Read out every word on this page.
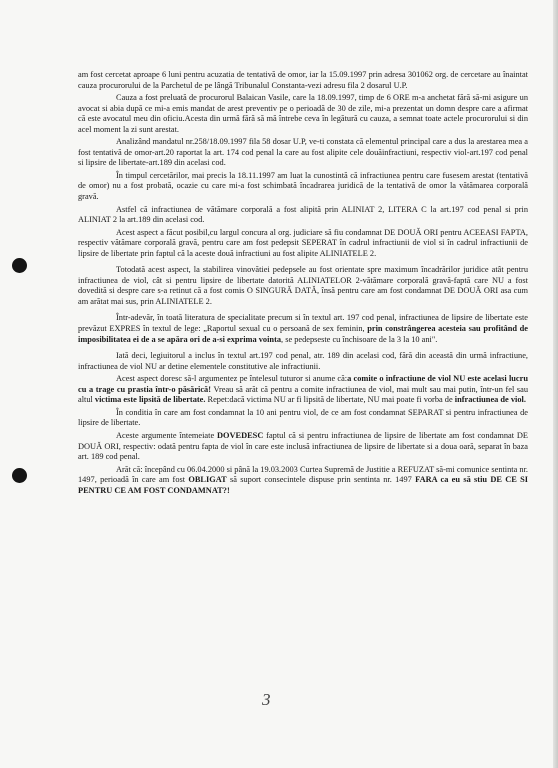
am fost cercetat aproape 6 luni pentru acuzatia de tentativă de omor, iar la 15.09.1997 prin adresa 301062 org. de cercetare au înaintat cauza procurorului de la Parchetul de pe lângă Tribunalul Constanta-vezi adresu fila 2 dosarul U.P.

Cauza a fost preluată de procurorul Balaican Vasile, care la 18.09.1997, timp de 6 ORE m-a anchetat fără să-mi asigure un avocat si abia după ce mi-a emis mandat de arest preventiv pe o perioadă de 30 de zile, mi-a prezentat un domn despre care a afirmat că este avocatul meu din oficiu.Acesta din urmă fără să mă întrebe ceva în legătură cu cauza, a semnat toate actele procurorului si din acel moment la zi sunt arestat.

Analizând mandatul nr.258/18.09.1997 fila 58 dosar U.P, ve-ti constata că elementul principal care a dus la arestarea mea a fost tentativă de omor-art.20 raportat la art. 174 cod penal la care au fost alipite cele douăinfractiuni, respectiv viol-art.197 cod penal si lipsire de libertate-art.189 din acelasi cod.

În timpul cercetărilor, mai precis la 18.11.1997 am luat la cunostintă că infractiunea pentru care fusesem arestat (tentativă de omor) nu a fost probată, ocazie cu care mi-a fost schimbată încadrarea juridică de la tentativă de omor la vătămarea corporală gravă.

Astfel că infractiunea de vătămare corporală a fost alipită prin ALINIAT 2, LITERA C la art.197 cod penal si prin ALINIAT 2 la art.189 din acelasi cod.

Acest aspect a făcut posibil,cu largul concura al org. judiciare să fiu condamnat DE DOUĂ ORI pentru ACEEASI FAPTA, respectiv vătămare corporală gravă, pentru care am fost pedepsit SEPERAT în cadrul infractiunii de viol si în cadrul infractiunii de lipsire de libertate prin faptul că la aceste două infractiuni au fost alipite ALINIATELE 2.

Totodată acest aspect, la stabilirea vinovătiei pedepsele au fost orientate spre maximum încadrărilor juridice atât pentru infractiunea de viol, cât si pentru lipsire de libertate datorită ALINIATELOR 2-vătămare corporală gravă-faptă care NU a fost dovedită si despre care s-a retinut că a fost comis O SINGURĂ DATĂ, însă pentru care am fost condamnat DE DOUĂ ORI asa cum am arătat mai sus, prin ALINIATELE 2.

Într-adevăr, în toată literatura de specialitate precum si în textul art. 197 cod penal, infractiunea de lipsire de libertate este prevăzut EXPRES în textul de lege: „Raportul sexual cu o persoană de sex feminin, prin constrângerea acesteia sau profitând de imposibilitatea ei de a se apăra ori de a-si exprima vointa, se pedepseste cu închisoare de la 3 la 10 ani".

Iată deci, legiuitorul a inclus în textul art.197 cod penal, atr. 189 din acelasi cod, fără din această din urmă infractiune, infractiunea de viol NU ar detine elementele constitutive ale infractiunii.

Acest aspect doresc să-l argumentez pe întelesul tuturor si anume că:a comite o infractiune de viol NU este acelasi lucru cu a trage cu prastia într-o păsărică! Vreau să arăt că pentru a comite infractiunea de viol, mai mult sau mai putin, într-un fel sau altul victima este lipsită de libertate. Repet:dacă victima NU ar fi lipsită de libertate, NU mai poate fi vorba de infractiunea de viol.

În conditia în care am fost condamnat la 10 ani pentru viol, de ce am fost condamnat SEPARAT si pentru infractiunea de lipsire de libertate.

Aceste argumente întemeiate DOVEDESC faptul că si pentru infractiunea de lipsire de libertate am fost condamnat DE DOUĂ ORI, respectiv: odată pentru fapta de viol în care este inclusă infractiunea de lipsire de libertate si a doua oară, separat în baza art. 189 cod penal.

Arăt că: începând cu 06.04.2000 si până la 19.03.2003 Curtea Supremă de Justitie a REFUZAT să-mi comunice sentinta nr. 1497, perioadă în care am fost OBLIGAT să suport consecintele dispuse prin sentinta nr. 1497 FARA ca eu să stiu DE CE SI PENTRU CE AM FOST CONDAMNAT?!

3
